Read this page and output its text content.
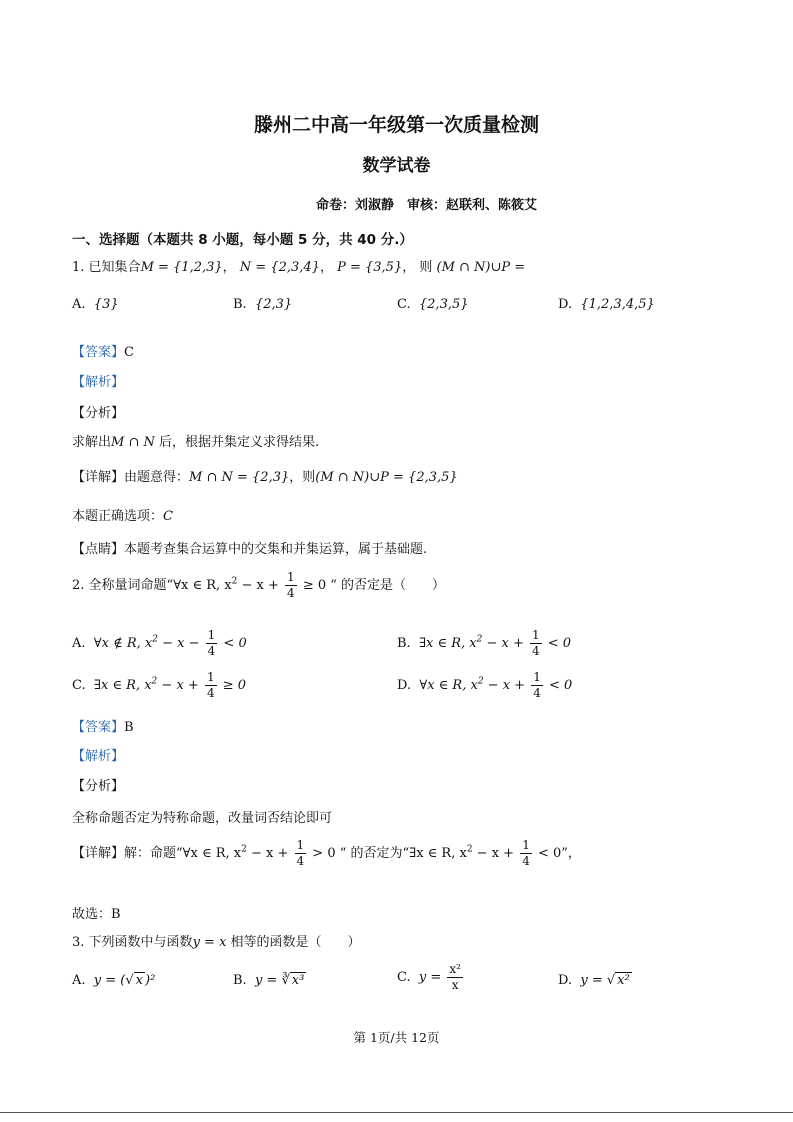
滕州二中高一年级第一次质量检测
数学试卷
命卷：刘淑静　审核：赵联利、陈筱艾
一、选择题（本题共 8 小题，每小题 5 分，共 40 分.）
1. 已知集合M = {1,2,3}， N = {2,3,4}， P = {3,5}， 则 (M ∩ N)∪P =
A. {3}	B. {2,3}	C. {2,3,5}	D. {1,2,3,4,5}
【答案】C
【解析】
【分析】
求解出M ∩ N 后，根据并集定义求得结果.
【详解】由题意得：M ∩ N = {2,3}，则(M ∩ N)∪P = {2,3,5}
本题正确选项：C
【点睛】本题考查集合运算中的交集和并集运算，属于基础题.
2. 全称量词命题“∀x ∈ R, $x^2 - x + \frac{1}{4} \ge 0$ “ 的否定是（　　）
A. ∀x ∉ R, $x^2 - x - \frac{1}{4} < 0$	B. ∃x ∈ R, $x^2 - x + \frac{1}{4} < 0$
C. ∃x ∈ R, $x^2 - x + \frac{1}{4} \ge 0$	D. ∀x ∈ R, $x^2 - x + \frac{1}{4} < 0$
【答案】B
【解析】
【分析】
全称命题否定为特称命题，改量词否结论即可
【详解】解：命题“∀x ∈ R, $x^2 - x + \frac{1}{4} > 0$ “ 的否定为“∃x ∈ R, $x^2 - x + \frac{1}{4} < 0$”，
故选：B
3. 下列函数中与函数y = x 相等的函数是（　　）
A. y = (√ x )²	B. y = ∛ x³	C. $y = \frac{\text{x²}}{x}$	D. y = √ x²
第 1页/共 12页
